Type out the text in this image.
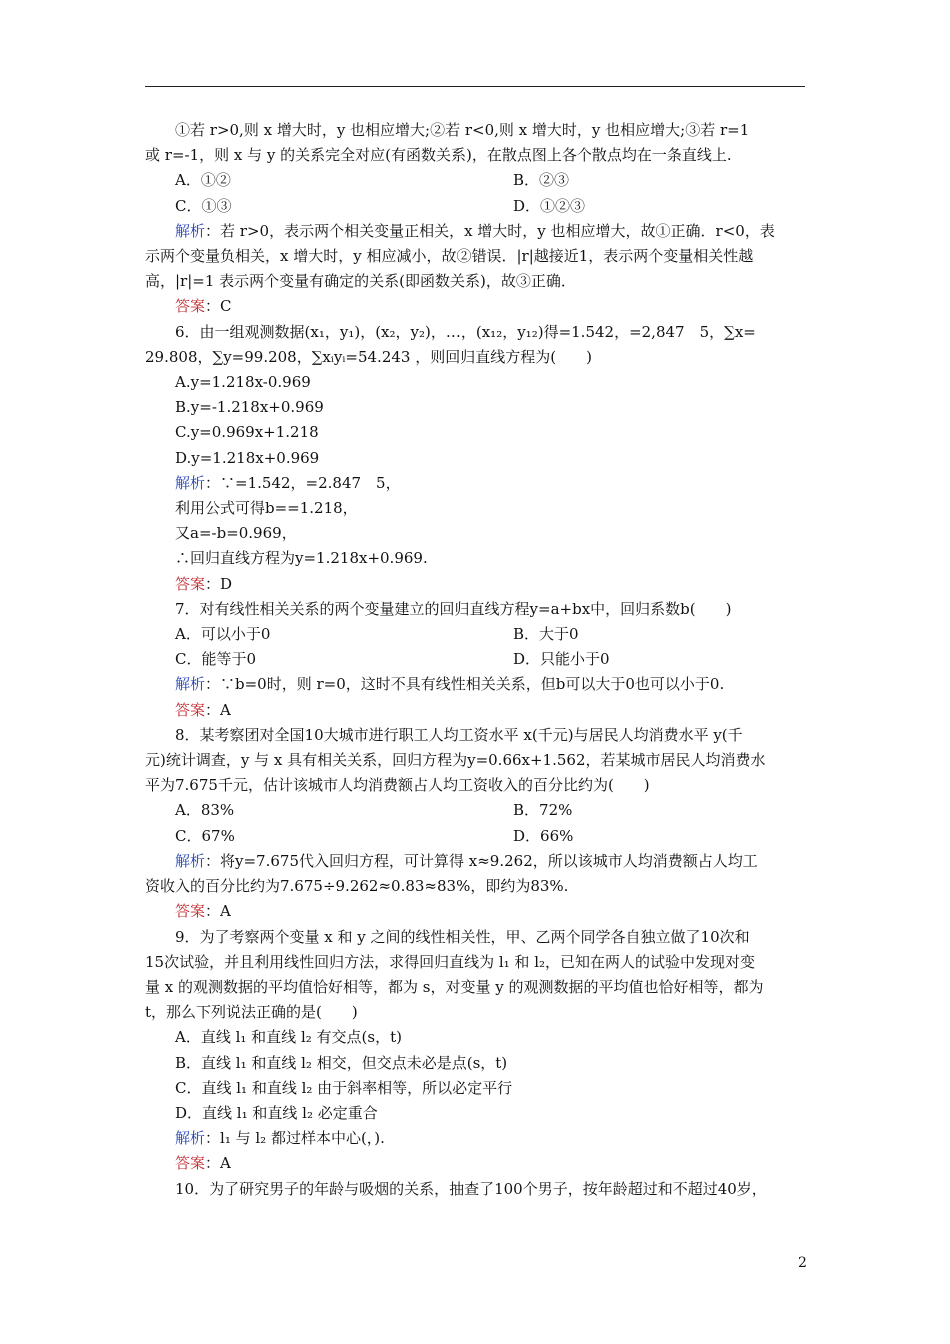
①若 r>0,则 x 增大时，y 也相应增大;②若 r<0,则 x 增大时，y 也相应增大;③若 r=1

或 r=-1，则 x 与 y 的关系完全对应(有函数关系)，在散点图上各个散点均在一条直线上.

A．①②	B．②③
C．①③	D．①②③

解析：若 r>0，表示两个相关变量正相关，x 增大时，y 也相应增大，故①正确．r<0，表

示两个变量负相关，x 增大时，y 相应减小，故②错误．|r|越接近1，表示两个变量相关性越

高，|r|=1 表示两个变量有确定的关系(即函数关系)，故③正确．

答案：C

6．由一组观测数据(x₁，y₁)，(x₂，y₂)，…，(x₁₂，y₁₂)得=1.542，=2,847　5，∑x=

29.808，∑y=99.208，∑xᵢyᵢ=54.243 ，则回归直线方程为(　　)

A.y=1.218x-0.969

B.y=-1.218x+0.969

C.y=0.969x+1.218

D.y=1.218x+0.969

解析：∵=1.542，=2.847　5，

利用公式可得b==1.218，

又a=-b=0.969，

∴回归直线方程为y=1.218x+0.969.

答案：D

7．对有线性相关关系的两个变量建立的回归直线方程y=a+bx中，回归系数b(　　)

A．可以小于0	B．大于0
C．能等于0	D．只能小于0

解析：∵b=0时，则 r=0，这时不具有线性相关关系，但b可以大于0也可以小于0.

答案：A

8．某考察团对全国10大城市进行职工人均工资水平 x(千元)与居民人均消费水平 y(千

元)统计调查，y 与 x 具有相关关系，回归方程为y=0.66x+1.562，若某城市居民人均消费水

平为7.675千元，估计该城市人均消费额占人均工资收入的百分比约为(　　)

A．83%	B．72%
C．67%	D．66%

解析：将y=7.675代入回归方程，可计算得 x≈9.262，所以该城市人均消费额占人均工

资收入的百分比约为7.675÷9.262≈0.83≈83%，即约为83%.

答案：A

9．为了考察两个变量 x 和 y 之间的线性相关性，甲、乙两个同学各自独立做了10次和

15次试验，并且利用线性回归方法，求得回归直线为 l₁ 和 l₂，已知在两人的试验中发现对变

量 x 的观测数据的平均值恰好相等，都为 s，对变量 y 的观测数据的平均值也恰好相等，都为

t，那么下列说法正确的是(　　)

A．直线 l₁ 和直线 l₂ 有交点(s，t)

B．直线 l₁ 和直线 l₂ 相交，但交点未必是点(s，t)

C．直线 l₁ 和直线 l₂ 由于斜率相等，所以必定平行

D．直线 l₁ 和直线 l₂ 必定重合

解析：l₁ 与 l₂ 都过样本中心(，).

答案：A

10．为了研究男子的年龄与吸烟的关系，抽查了100个男子，按年龄超过和不超过40岁，

2
